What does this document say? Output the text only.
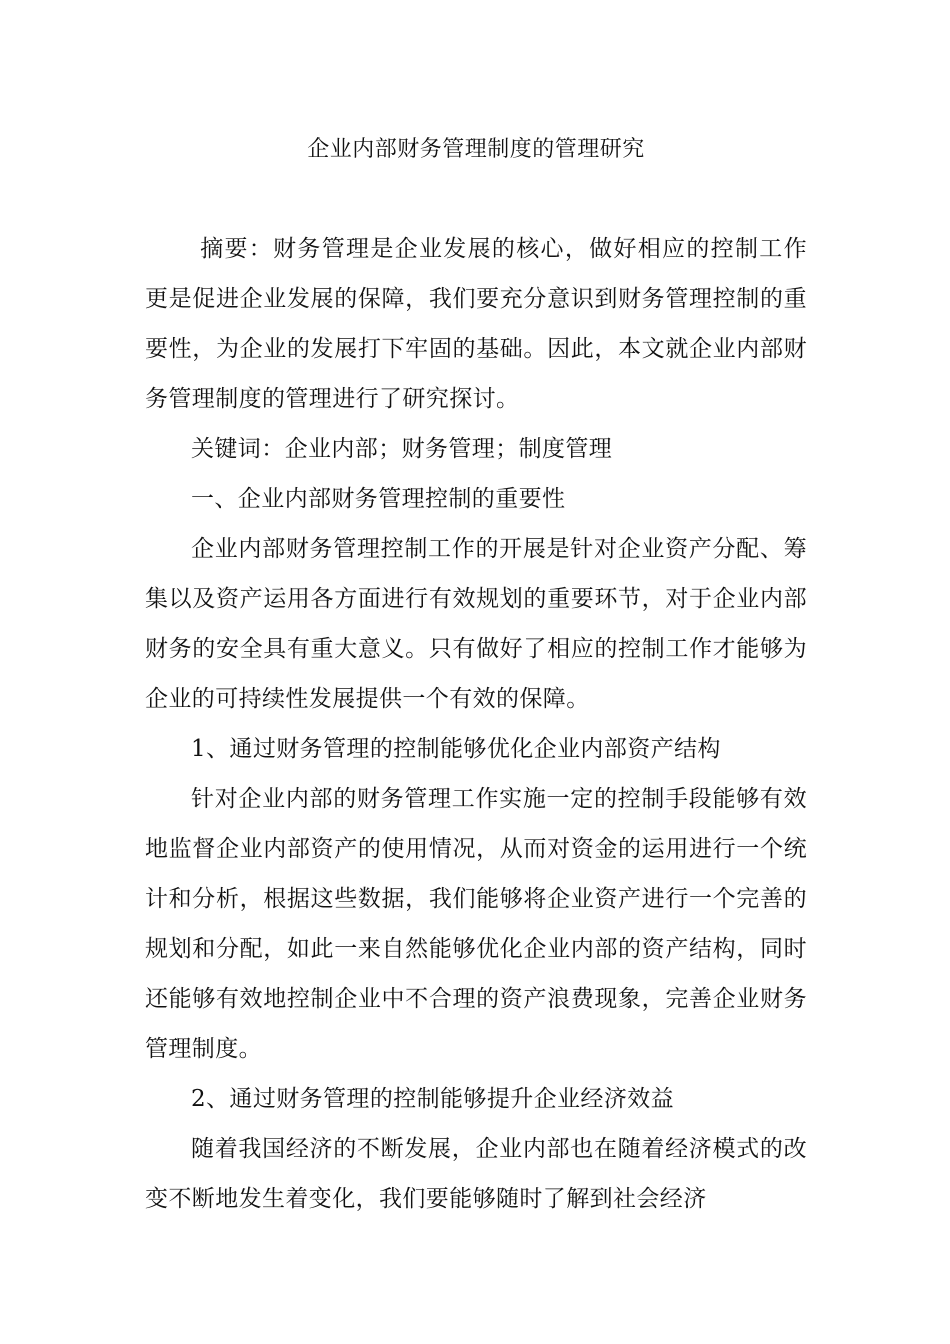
企业内部财务管理制度的管理研究

摘要：财务管理是企业发展的核心，做好相应的控制工作更是促进企业发展的保障，我们要充分意识到财务管理控制的重要性，为企业的发展打下牢固的基础。因此，本文就企业内部财务管理制度的管理进行了研究探讨。

关键词：企业内部；财务管理；制度管理

一、企业内部财务管理控制的重要性

企业内部财务管理控制工作的开展是针对企业资产分配、筹集以及资产运用各方面进行有效规划的重要环节，对于企业内部财务的安全具有重大意义。只有做好了相应的控制工作才能够为企业的可持续性发展提供一个有效的保障。

1、通过财务管理的控制能够优化企业内部资产结构

针对企业内部的财务管理工作实施一定的控制手段能够有效地监督企业内部资产的使用情况，从而对资金的运用进行一个统计和分析，根据这些数据，我们能够将企业资产进行一个完善的规划和分配，如此一来自然能够优化企业内部的资产结构，同时还能够有效地控制企业中不合理的资产浪费现象，完善企业财务管理制度。

2、通过财务管理的控制能够提升企业经济效益

随着我国经济的不断发展，企业内部也在随着经济模式的改变不断地发生着变化，我们要能够随时了解到社会经济
